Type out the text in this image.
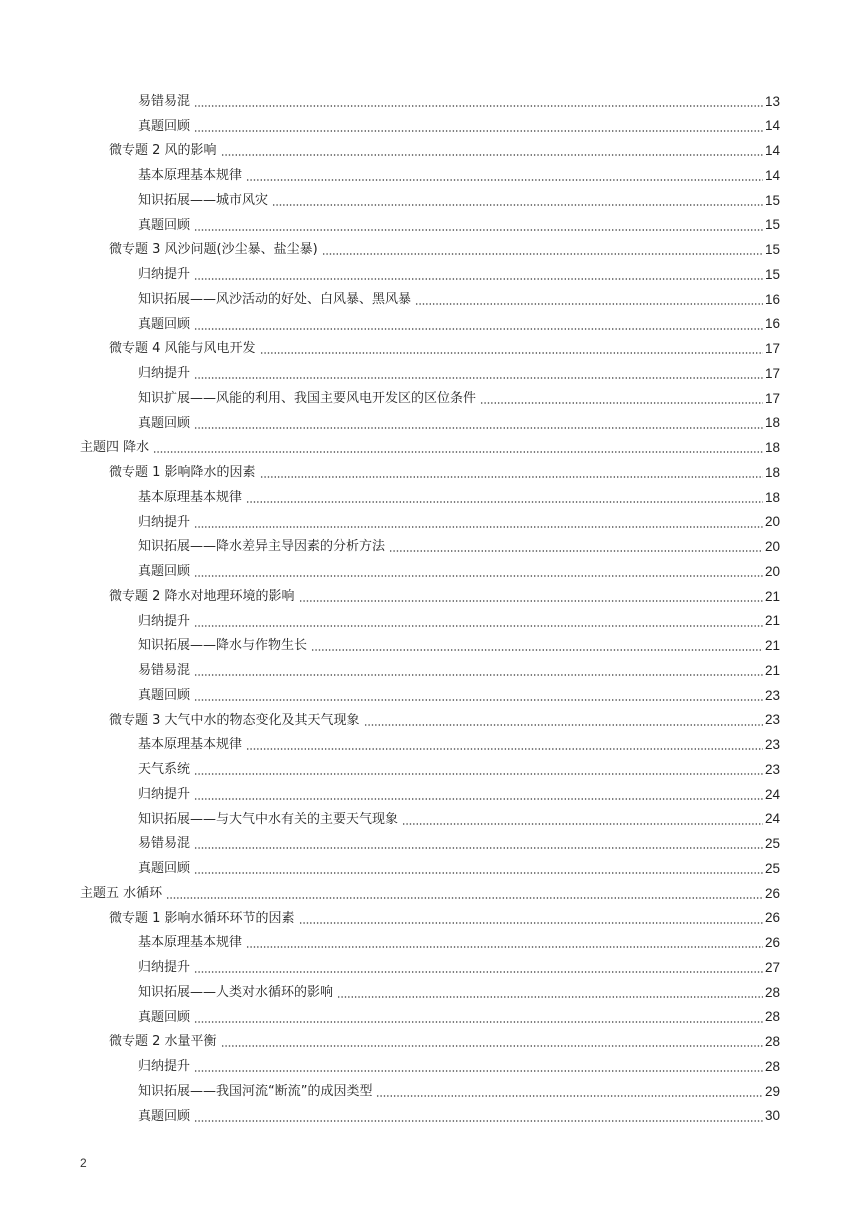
易错易混	13
真题回顾	14
微专题 2 风的影响	14
基本原理基本规律	14
知识拓展——城市风灾	15
真题回顾	15
微专题 3 风沙问题(沙尘暴、盐尘暴)	15
归纳提升	15
知识拓展——风沙活动的好处、白风暴、黑风暴	16
真题回顾	16
微专题 4 风能与风电开发	17
归纳提升	17
知识扩展——风能的利用、我国主要风电开发区的区位条件	17
真题回顾	18
主题四 降水	18
微专题 1 影响降水的因素	18
基本原理基本规律	18
归纳提升	20
知识拓展——降水差异主导因素的分析方法	20
真题回顾	20
微专题 2 降水对地理环境的影响	21
归纳提升	21
知识拓展——降水与作物生长	21
易错易混	21
真题回顾	23
微专题 3 大气中水的物态变化及其天气现象	23
基本原理基本规律	23
天气系统	23
归纳提升	24
知识拓展——与大气中水有关的主要天气现象	24
易错易混	25
真题回顾	25
主题五 水循环	26
微专题 1 影响水循环环节的因素	26
基本原理基本规律	26
归纳提升	27
知识拓展——人类对水循环的影响	28
真题回顾	28
微专题 2 水量平衡	28
归纳提升	28
知识拓展——我国河流“断流”的成因类型	29
真题回顾	30
2
